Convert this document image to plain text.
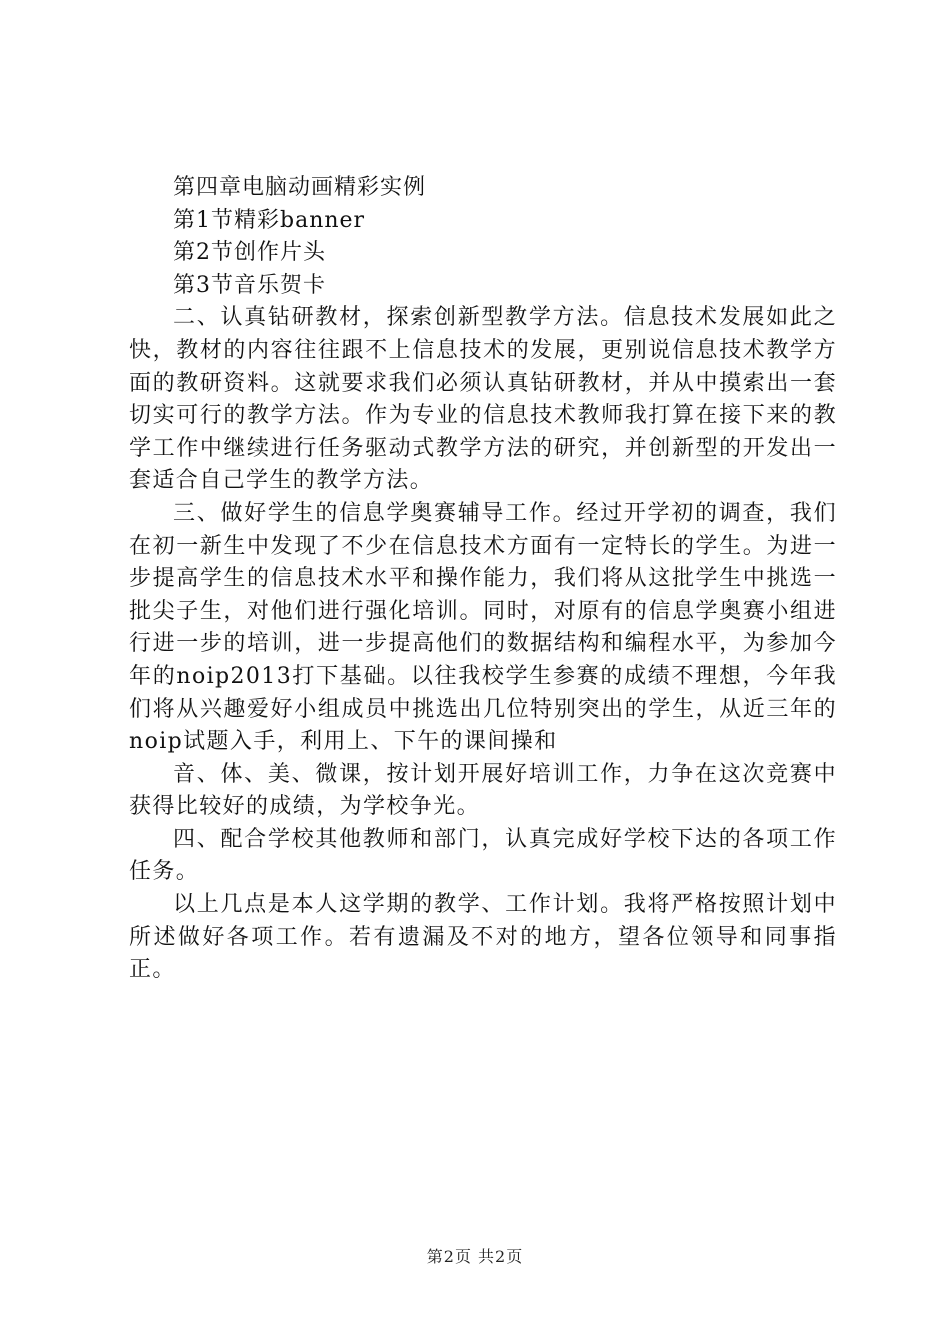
第四章电脑动画精彩实例

第1节精彩banner

第2节创作片头

第3节音乐贺卡

二、认真钻研教材，探索创新型教学方法。信息技术发展如此之快，教材的内容往往跟不上信息技术的发展，更别说信息技术教学方面的教研资料。这就要求我们必须认真钻研教材，并从中摸索出一套切实可行的教学方法。作为专业的信息技术教师我打算在接下来的教学工作中继续进行任务驱动式教学方法的研究，并创新型的开发出一套适合自己学生的教学方法。

三、做好学生的信息学奥赛辅导工作。经过开学初的调查，我们在初一新生中发现了不少在信息技术方面有一定特长的学生。为进一步提高学生的信息技术水平和操作能力，我们将从这批学生中挑选一批尖子生，对他们进行强化培训。同时，对原有的信息学奥赛小组进行进一步的培训，进一步提高他们的数据结构和编程水平，为参加今年的noip2013打下基础。以往我校学生参赛的成绩不理想，今年我们将从兴趣爱好小组成员中挑选出几位特别突出的学生，从近三年的noip试题入手，利用上、下午的课间操和

音、体、美、微课，按计划开展好培训工作，力争在这次竞赛中获得比较好的成绩，为学校争光。

四、配合学校其他教师和部门，认真完成好学校下达的各项工作任务。

以上几点是本人这学期的教学、工作计划。我将严格按照计划中所述做好各项工作。若有遗漏及不对的地方，望各位领导和同事指正。

第2页 共2页
